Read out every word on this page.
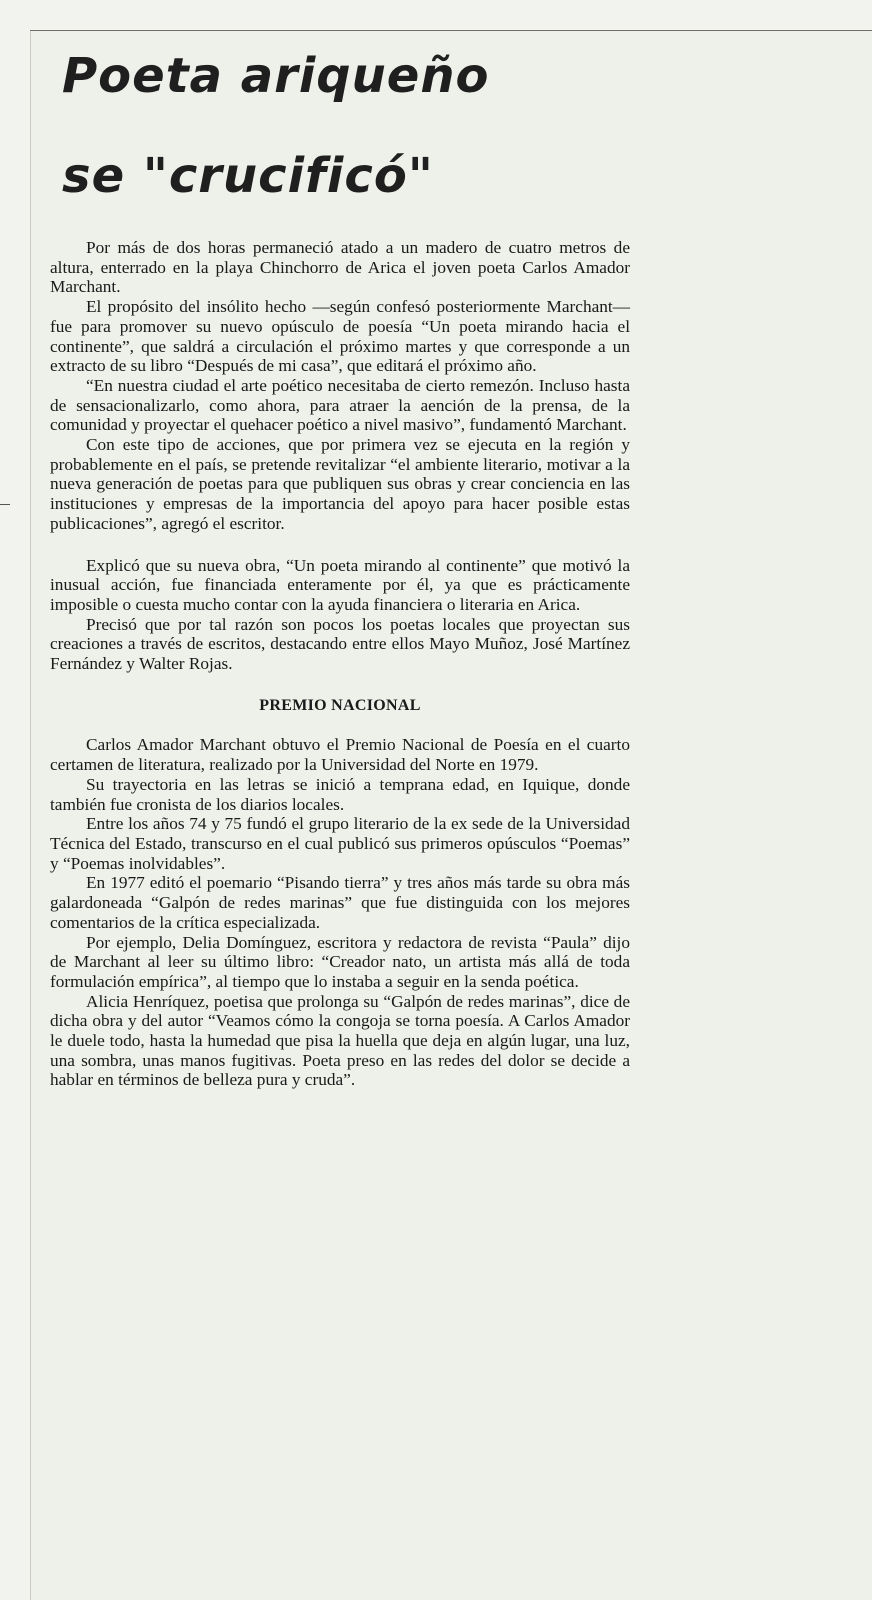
Poeta ariqueño
se "crucificó"

Por más de dos horas permaneció atado a un madero de cuatro metros de altura, enterrado en la playa Chinchorro de Arica el joven poeta Carlos Amador Marchant.

El propósito del insólito hecho —según confesó posteriormente Marchant— fue para promover su nuevo opúsculo de poesía “Un poeta mirando hacia el continente”, que saldrá a circulación el próximo martes y que corresponde a un extracto de su libro “Después de mi casa”, que editará el próximo año.

“En nuestra ciudad el arte poético necesitaba de cierto remezón. Incluso hasta de sensacionalizarlo, como ahora, para atraer la aención de la prensa, de la comunidad y proyectar el quehacer poético a nivel masivo”, fundamentó Marchant.

Con este tipo de acciones, que por primera vez se ejecuta en la región y probablemente en el país, se pretende revitalizar “el ambiente literario, motivar a la nueva generación de poetas para que publiquen sus obras y crear conciencia en las instituciones y empresas de la importancia del apoyo para hacer posible estas publicaciones”, agregó el escritor.

Explicó que su nueva obra, “Un poeta mirando al continente” que motivó la inusual acción, fue financiada enteramente por él, ya que es prácticamente imposible o cuesta mucho contar con la ayuda financiera o literaria en Arica.

Precisó que por tal razón son pocos los poetas locales que proyectan sus creaciones a través de escritos, destacando entre ellos Mayo Muñoz, José Martínez Fernández y Walter Rojas.

PREMIO NACIONAL

Carlos Amador Marchant obtuvo el Premio Nacional de Poesía en el cuarto certamen de literatura, realizado por la Universidad del Norte en 1979.

Su trayectoria en las letras se inició a temprana edad, en Iquique, donde también fue cronista de los diarios locales.

Entre los años 74 y 75 fundó el grupo literario de la ex sede de la Universidad Técnica del Estado, transcurso en el cual publicó sus primeros opúsculos “Poemas” y “Poemas inolvidables”.

En 1977 editó el poemario “Pisando tierra” y tres años más tarde su obra más galardoneada “Galpón de redes marinas” que fue distinguida con los mejores comentarios de la crítica especializada.

Por ejemplo, Delia Domínguez, escritora y redactora de revista “Paula” dijo de Marchant al leer su último libro: “Creador nato, un artista más allá de toda formulación empírica”, al tiempo que lo instaba a seguir en la senda poética.

Alicia Henríquez, poetisa que prolonga su “Galpón de redes marinas”, dice de dicha obra y del autor “Veamos cómo la congoja se torna poesía. A Carlos Amador le duele todo, hasta la humedad que pisa la huella que deja en algún lugar, una luz, una sombra, unas manos fugitivas. Poeta preso en las redes del dolor se decide a hablar en términos de belleza pura y cruda”.
